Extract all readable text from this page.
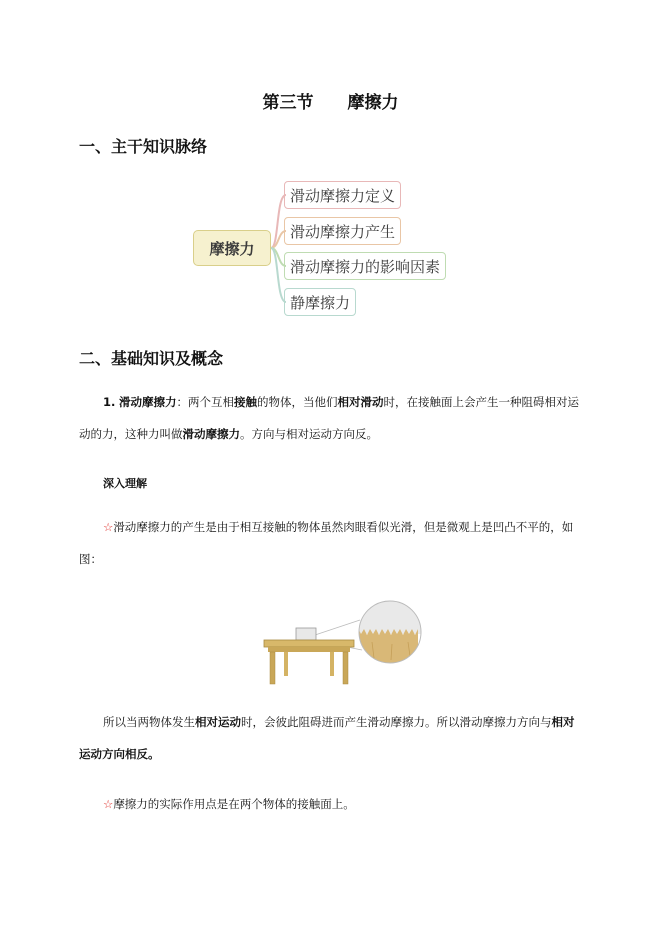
第三节 摩擦力
一、主干知识脉络
摩擦力
滑动摩擦力定义
滑动摩擦力产生
滑动摩擦力的影响因素
静摩擦力
二、基础知识及概念
1. 滑动摩擦力：两个互相接触的物体，当他们相对滑动时，在接触面上会产生一种阻碍相对运动的力，这种力叫做滑动摩擦力。方向与相对运动方向反。
深入理解
☆滑动摩擦力的产生是由于相互接触的物体虽然肉眼看似光滑，但是微观上是凹凸不平的，如图：
所以当两物体发生相对运动时，会彼此阻碍进而产生滑动摩擦力。所以滑动摩擦力方向与相对运动方向相反。
☆摩擦力的实际作用点是在两个物体的接触面上。
